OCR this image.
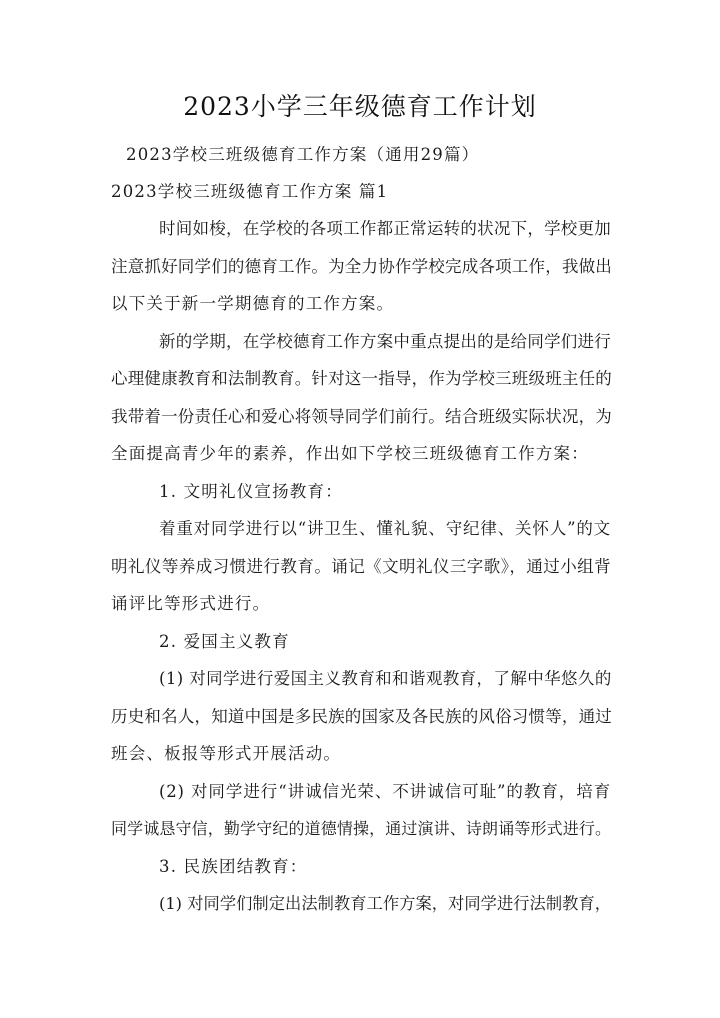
2023小学三年级德育工作计划
2023学校三班级德育工作方案（通用29篇）
2023学校三班级德育工作方案 篇1
时间如梭，在学校的各项工作都正常运转的状况下，学校更加
注意抓好同学们的德育工作。为全力协作学校完成各项工作，我做出
以下关于新一学期德育的工作方案。
新的学期，在学校德育工作方案中重点提出的是给同学们进行
心理健康教育和法制教育。针对这一指导，作为学校三班级班主任的
我带着一份责任心和爱心将领导同学们前行。结合班级实际状况，为
全面提高青少年的素养，作出如下学校三班级德育工作方案：
1. 文明礼仪宣扬教育：
着重对同学进行以“讲卫生、懂礼貌、守纪律、关怀人”的文
明礼仪等养成习惯进行教育。诵记《文明礼仪三字歌》，通过小组背
诵评比等形式进行。
2. 爱国主义教育
(1) 对同学进行爱国主义教育和和谐观教育，了解中华悠久的
历史和名人，知道中国是多民族的国家及各民族的风俗习惯等，通过
班会、板报等形式开展活动。
(2) 对同学进行“讲诚信光荣、不讲诚信可耻”的教育，培育
同学诚恳守信，勤学守纪的道德情操，通过演讲、诗朗诵等形式进行。
3. 民族团结教育：
(1) 对同学们制定出法制教育工作方案，对同学进行法制教育，
